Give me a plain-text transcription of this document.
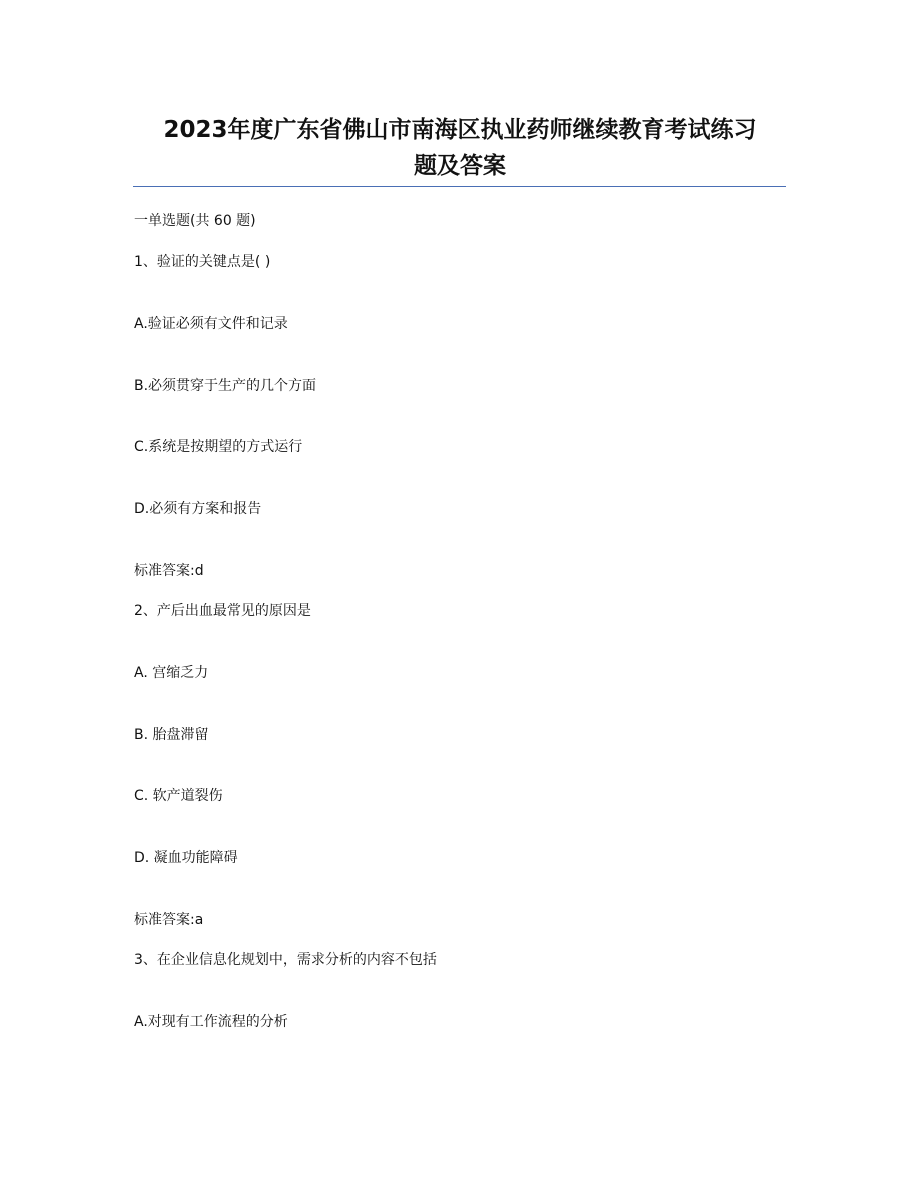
2023年度广东省佛山市南海区执业药师继续教育考试练习
题及答案
一单选题(共 60 题)
1、验证的关键点是( )
A.验证必须有文件和记录
B.必须贯穿于生产的几个方面
C.系统是按期望的方式运行
D.必须有方案和报告
标准答案:d
2、产后出血最常见的原因是
A. 宫缩乏力
B. 胎盘滞留
C. 软产道裂伤
D. 凝血功能障碍
标准答案:a
3、在企业信息化规划中，需求分析的内容不包括
A.对现有工作流程的分析
